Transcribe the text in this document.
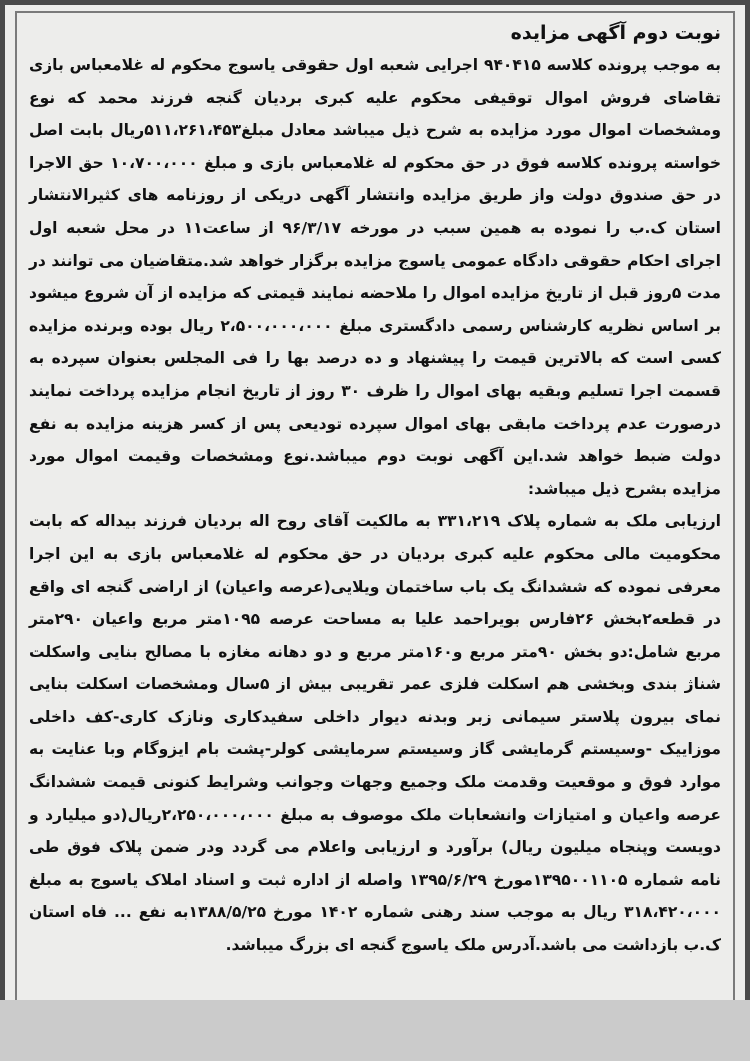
نوبت دوم آگهی مزایده

به موجب پرونده کلاسه ۹۴۰۴۱۵ اجرایی شعبه اول حقوقی یاسوج محکوم له غلامعباس بازی تقاضای فروش اموال توقیفی محکوم علیه کبری بردیان گنجه فرزند محمد که نوع ومشخصات اموال مورد مزایده به شرح ذیل میباشد معادل مبلغ۵۱۱،۲۶۱،۴۵۳ریال بابت اصل خواسته پرونده کلاسه فوق در حق محکوم له غلامعباس بازی و مبلغ ۱۰،۷۰۰،۰۰۰ حق الاجرا در حق صندوق دولت واز طریق مزایده وانتشار آگهی دریکی از روزنامه های کثیرالانتشار استان ک.ب را نموده به همین سبب در مورخه ۹۶/۳/۱۷ از ساعت۱۱ در محل شعبه اول اجرای احکام حقوقی دادگاه عمومی یاسوج مزایده برگزار خواهد شد.متقاضیان می توانند در مدت ۵روز قبل از تاریخ مزایده اموال را ملاحضه نمایند قیمتی که مزایده از آن شروع میشود بر اساس نظریه کارشناس رسمی دادگستری مبلغ ۲،۵۰۰،۰۰۰،۰۰۰ ریال بوده وبرنده مزایده کسی است که بالاترین قیمت را پیشنهاد و ده درصد بها را فی المجلس بعنوان سپرده به قسمت اجرا تسلیم وبقیه بهای اموال را ظرف ۳۰ روز از تاریخ انجام مزایده پرداخت نمایند درصورت عدم پرداخت مابقی بهای اموال سپرده تودیعی پس از کسر هزینه مزایده به نفع دولت ضبط خواهد شد.این آگهی نوبت دوم میباشد.نوع ومشخصات وقیمت اموال مورد مزایده بشرح ذیل میباشد:

ارزیابی ملک به شماره پلاک ۳۳۱،۲۱۹ به مالکیت آقای روح اله بردیان فرزند بیداله که بابت محکومیت مالی محکوم علیه کبری بردیان در حق محکوم له غلامعباس بازی به این اجرا معرفی نموده که ششدانگ یک باب ساختمان ویلایی(عرصه واعیان) از اراضی گنجه ای واقع در قطعه۲بخش ۲۶فارس بویراحمد علیا به مساحت عرصه ۱۰۹۵متر مربع واعیان ۲۹۰متر مربع شامل:دو بخش ۹۰متر مربع و۱۶۰متر مربع و دو دهانه مغازه با مصالح بنایی واسکلت شناژ بندی وبخشی هم اسکلت فلزی عمر تقریبی بیش از ۵سال ومشخصات اسکلت بنایی نمای بیرون پلاستر سیمانی زبر وبدنه دیوار داخلی سفیدکاری ونازک کاری-کف داخلی موزاییک -وسیستم گرمایشی گاز وسیستم سرمایشی کولر-پشت بام ایزوگام وبا عنایت به موارد فوق و موقعیت وقدمت ملک وجمیع وجهات وجوانب وشرایط کنونی قیمت ششدانگ عرصه واعیان و امتیازات وانشعابات ملک موصوف به مبلغ ۲،۲۵۰،۰۰۰،۰۰۰ریال(دو میلیارد و دویست وپنجاه میلیون ریال) برآورد و ارزیابی واعلام می گردد ودر ضمن پلاک فوق طی نامه شماره ۱۳۹۵۰۰۱۱۰۵مورخ ۱۳۹۵/۶/۲۹ واصله از اداره ثبت و اسناد املاک یاسوج به مبلغ ۳۱۸،۴۲۰،۰۰۰ ریال به موجب سند رهنی شماره ۱۴۰۲ مورخ ۱۳۸۸/۵/۲۵به نفع ... فاه استان ک.ب بازداشت می باشد.آدرس ملک یاسوج گنجه ای بزرگ میباشد.
